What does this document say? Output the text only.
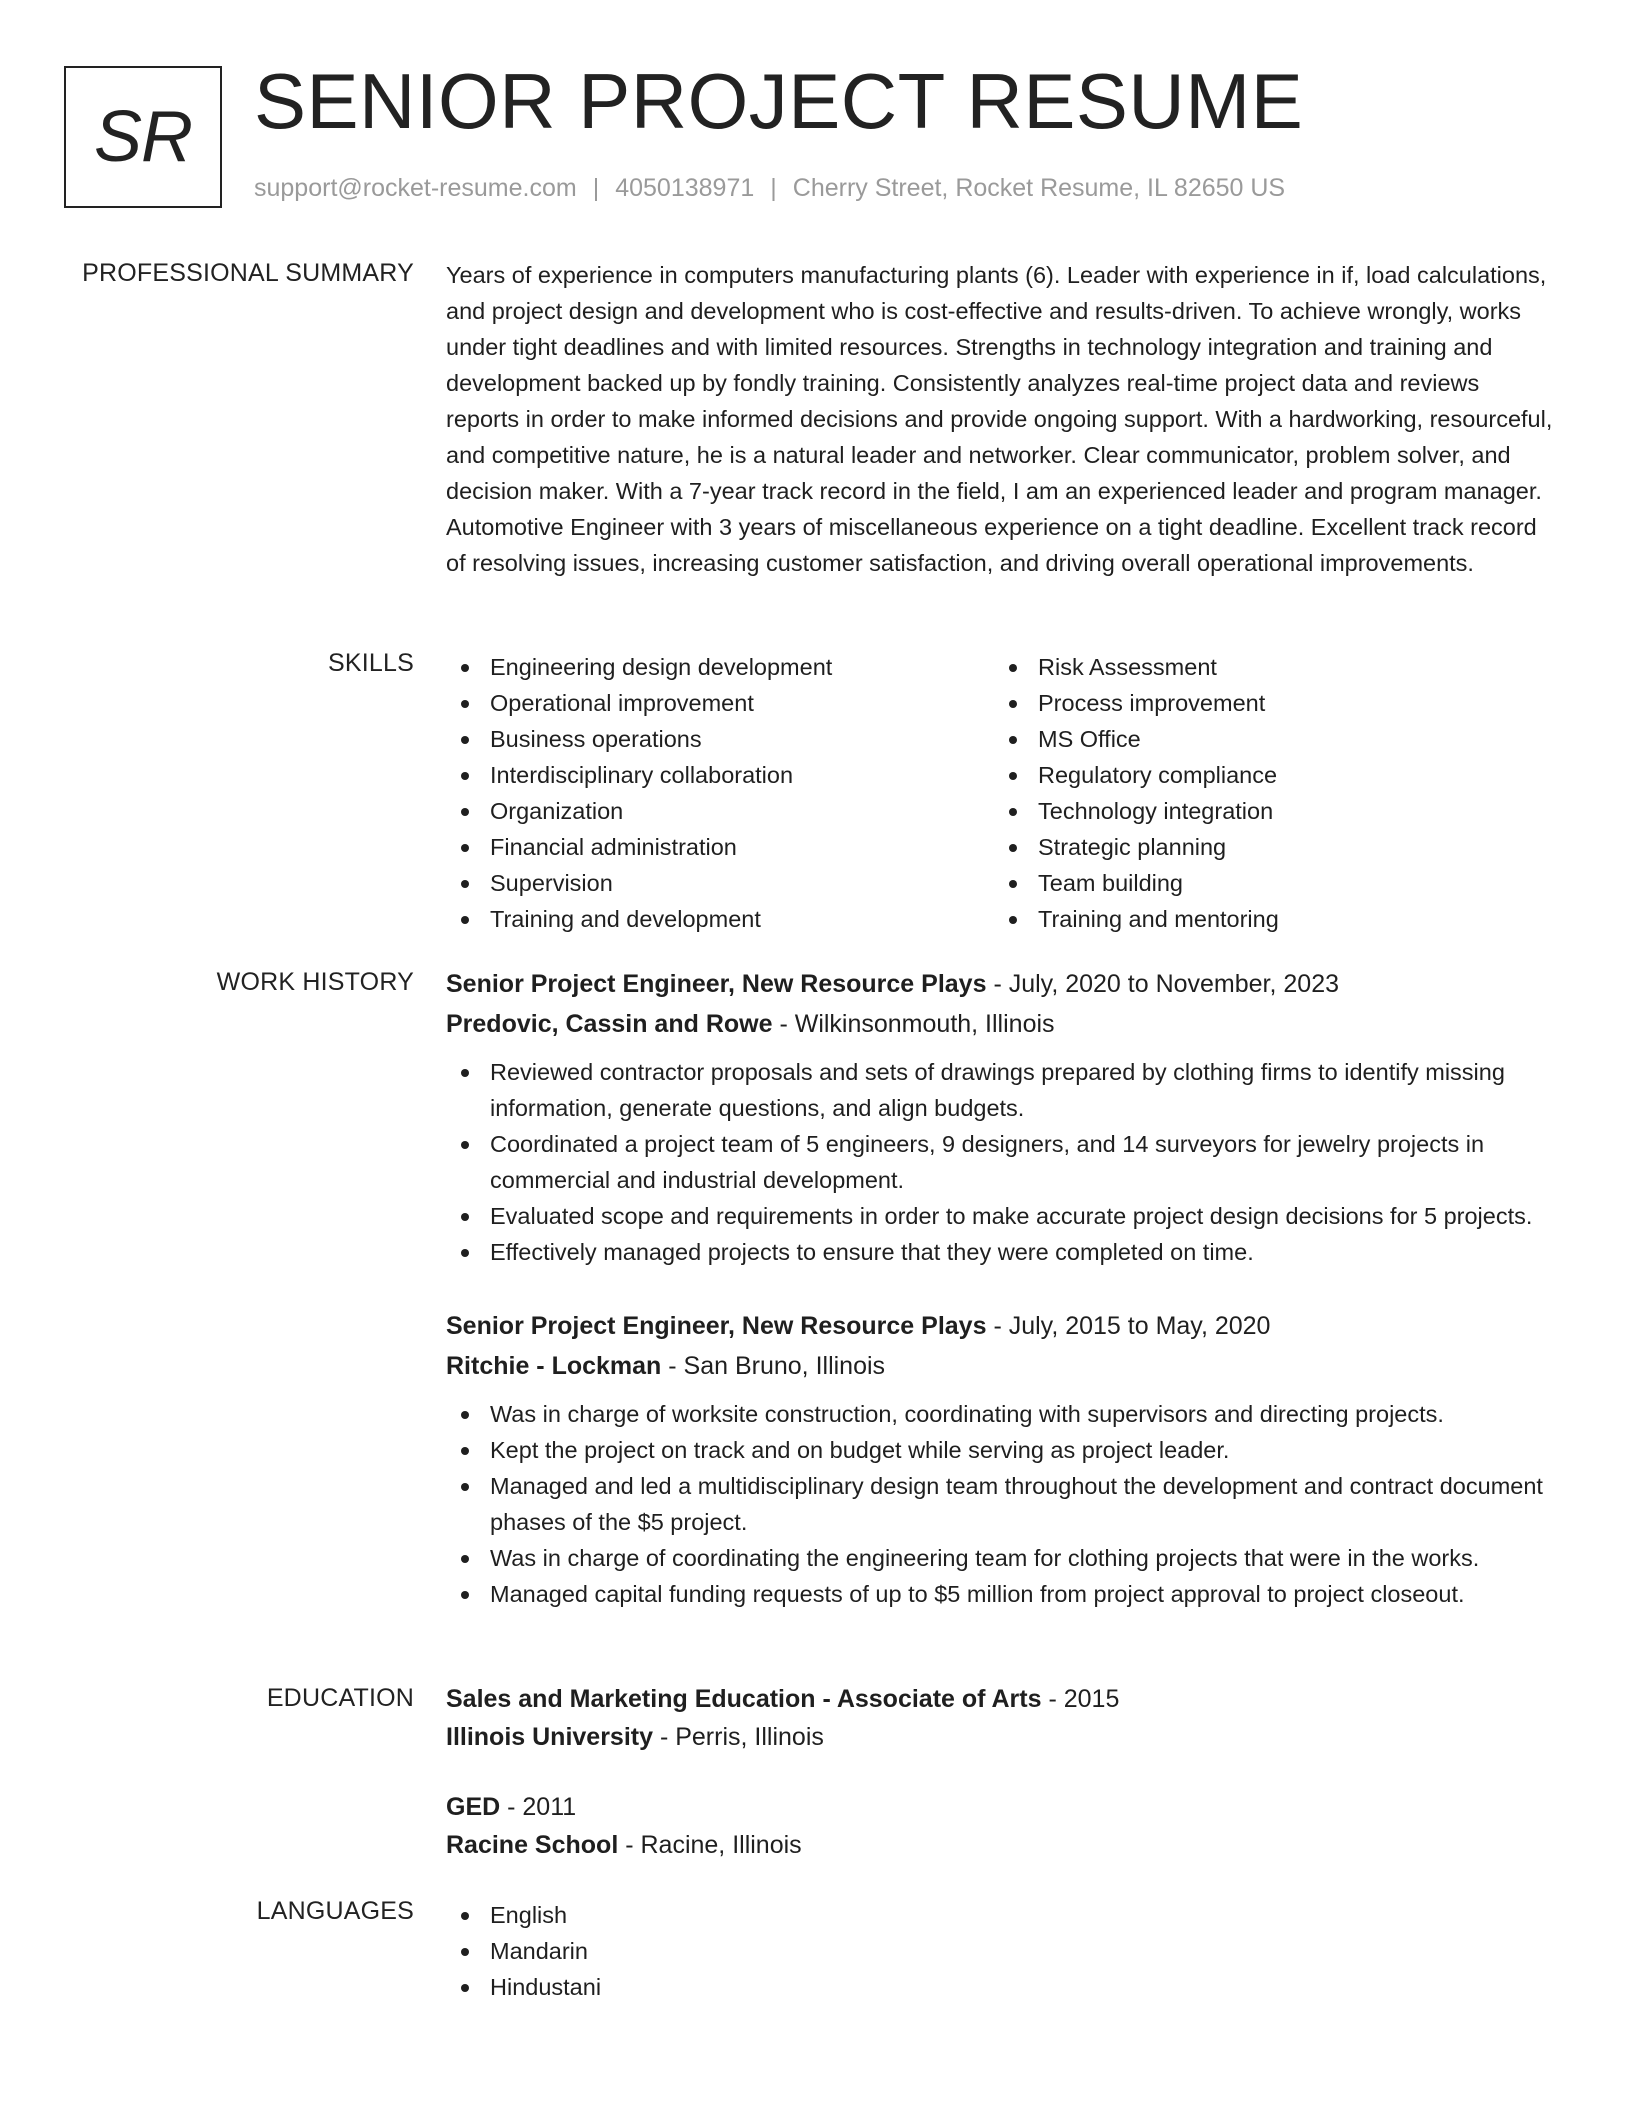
SR SENIOR PROJECT RESUME
support@rocket-resume.com | 4050138971 | Cherry Street, Rocket Resume, IL 82650 US
PROFESSIONAL SUMMARY Years of experience in computers manufacturing plants (6). Leader with experience in if, load calculations, and project design and development who is cost-effective and results-driven. To achieve wrongly, works under tight deadlines and with limited resources. Strengths in technology integration and training and development backed up by fondly training. Consistently analyzes real-time project data and reviews reports in order to make informed decisions and provide ongoing support. With a hardworking, resourceful, and competitive nature, he is a natural leader and networker. Clear communicator, problem solver, and decision maker. With a 7-year track record in the field, I am an experienced leader and program manager. Automotive Engineer with 3 years of miscellaneous experience on a tight deadline. Excellent track record of resolving issues, increasing customer satisfaction, and driving overall operational improvements.

SKILLS	Engineering design development
Operational improvement
Business operations
Interdisciplinary collaboration
Organization
Financial administration
Supervision
Training and development
Risk Assessment
Process improvement
MS Office
Regulatory compliance
Technology integration
Strategic planning
Team building
Training and mentoring
WORK HISTORY Senior Project Engineer, New Resource Plays - July, 2020 to November, 2023
Predovic, Cassin and Rowe - Wilkinsonmouth, Illinois
Reviewed contractor proposals and sets of drawings prepared by clothing firms to identify missing information, generate questions, and align budgets.
Coordinated a project team of 5 engineers, 9 designers, and 14 surveyors for jewelry projects in commercial and industrial development.
Evaluated scope and requirements in order to make accurate project design decisions for 5 projects.
Effectively managed projects to ensure that they were completed on time.
Senior Project Engineer, New Resource Plays - July, 2015 to May, 2020
Ritchie - Lockman - San Bruno, Illinois
Was in charge of worksite construction, coordinating with supervisors and directing projects.
Kept the project on track and on budget while serving as project leader.
Managed and led a multidisciplinary design team throughout the development and contract document phases of the $5 project.
Was in charge of coordinating the engineering team for clothing projects that were in the works.
Managed capital funding requests of up to $5 million from project approval to project closeout.
EDUCATION Sales and Marketing Education - Associate of Arts - 2015
Illinois University - Perris, Illinois
GED - 2011
Racine School - Racine, Illinois
LANGUAGES	English
Mandarin
Hindustani
